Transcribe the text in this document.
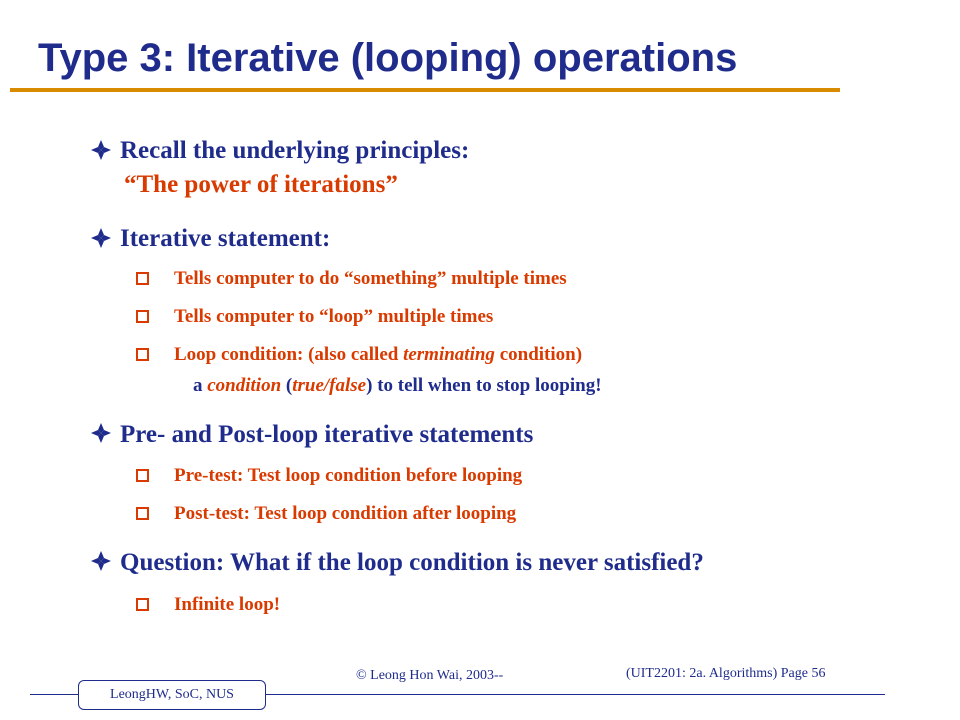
Type 3: Iterative (looping) operations
Recall the underlying principles:
“The power of iterations”
Iterative statement:
Tells computer to do “something” multiple times
Tells computer to “loop” multiple times
Loop condition: (also called terminating condition)
a condition (true/false) to tell when to stop looping!
Pre- and Post-loop iterative statements
Pre-test: Test loop condition before looping
Post-test: Test loop condition after looping
Question: What if the loop condition is never satisfied?
Infinite loop!
© Leong Hon Wai, 2003--	(UIT2201: 2a. Algorithms) Page 56
LeongHW, SoC, NUS
